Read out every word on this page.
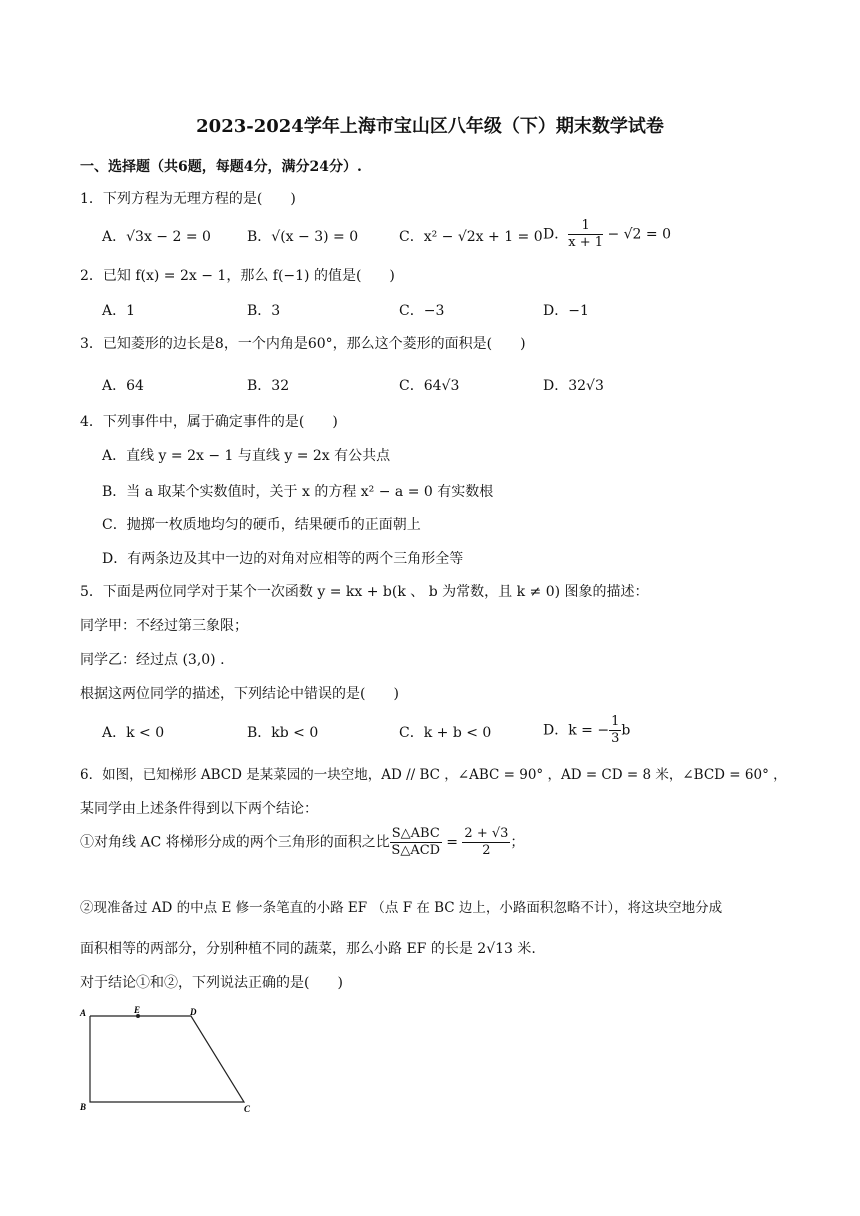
2023-2024学年上海市宝山区八年级（下）期末数学试卷
一、选择题（共6题，每题4分，满分24分）.
1．下列方程为无理方程的是(　　)
A．√3x − 2 = 0	B．√(x − 3) = 0	C．x² − √2x + 1 = 0 D． $\frac{1}{x + 1} - √2 = 0$
2．已知 f(x) = 2x − 1，那么 f(−1) 的值是(　　)
A．1	B．3	C．−3	D．−1
3．已知菱形的边长是8，一个内角是60°，那么这个菱形的面积是(　　)
A．64	B．32	C．64√3	D．32√3
4．下列事件中，属于确定事件的是(　　)
A．直线 y = 2x − 1 与直线 y = 2x 有公共点
B．当 a 取某个实数值时，关于 x 的方程 x² − a = 0 有实数根
C．抛掷一枚质地均匀的硬币，结果硬币的正面朝上
D．有两条边及其中一边的对角对应相等的两个三角形全等
5．下面是两位同学对于某个一次函数 y = kx + b(k 、 b 为常数，且 k ≠ 0) 图象的描述：
同学甲：不经过第三象限；
同学乙：经过点 (3,0) .
根据这两位同学的描述，下列结论中错误的是(　　)
A．k < 0	B．kb < 0	C．k + b < 0	D．k = − $\frac{1}{3}$ b
6．如图，已知梯形 ABCD 是某菜园的一块空地，AD // BC ，∠ABC = 90° ，AD = CD = 8 米，∠BCD = 60° ，
某同学由上述条件得到以下两个结论：
①对角线 AC 将梯形分成的两个三角形的面积之比 $\frac{\text{S△ABC}}{\text{S△ACD}} = \frac{2 + √3}{2}$ ；
②现准备过 AD 的中点 E 修一条笔直的小路 EF （点 F 在 BC 边上，小路面积忽略不计），将这块空地分成
面积相等的两部分，分别种植不同的蔬菜，那么小路 EF 的长是 2√13 米.
对于结论①和②，下列说法正确的是(　　)
A	E	D
B	C
